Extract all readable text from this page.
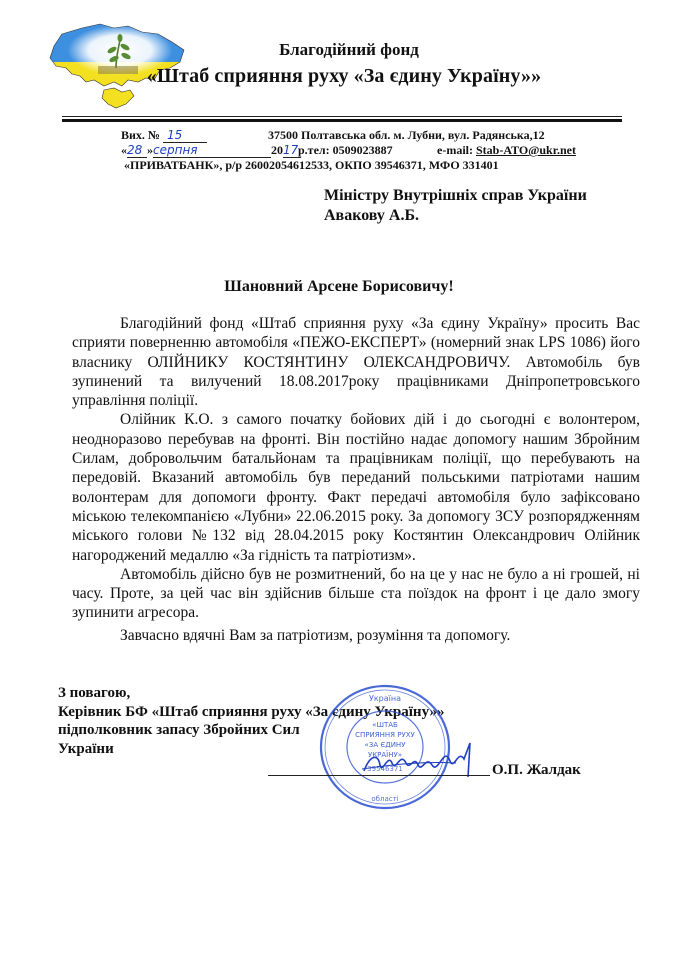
Благодійний фонд
«Штаб сприяння руху «За єдину Україну»»
Вих. № 15	37500 Полтавська обл. м. Лубни, вул. Радянська,12
«28 »серпня	2017 р.тел: 0509023887	e-mail: Stab-ATO@ukr.net
«ПРИВАТБАНК», р/р 26002054612533, ОКПО 39546371, МФО 331401
Міністру Внутрішніх справ України
Авакову А.Б.
Шановний Арсене Борисовичу!

Благодійний фонд «Штаб сприяння руху «За єдину Україну» просить Вас сприяти поверненню автомобіля «ПЕЖО-ЕКСПЕРТ» (номерний знак LPS 1086) його власнику ОЛІЙНИКУ КОСТЯНТИНУ ОЛЕКСАНДРОВИЧУ. Автомобіль був зупинений та вилучений 18.08.2017року працівниками Дніпропетровського управління поліції.

Олійник К.О. з самого початку бойових дій і до сьогодні є волонтером, неодноразово перебував на фронті. Він постійно надає допомогу нашим Збройним Силам, добровольчим батальйонам та працівникам поліції, що перебувають на передовій. Вказаний автомобіль був переданий польськими патріотами нашим волонтерам для допомоги фронту. Факт передачі автомобіля було зафіксовано міською телекомпанією «Лубни» 22.06.2015 року. За допомогу ЗСУ розпорядженням міського голови №132 від 28.04.2015 року Костянтин Олександрович Олійник нагороджений медаллю «За гідність та патріотизм».

Автомобіль дійсно був не розмитнений, бо на це у нас не було а ні грошей, ні часу. Проте, за цей час він здійснив більше ста поїздок на фронт і це дало змогу зупинити агресора.

Завчасно вдячні Вам за патріотизм, розуміння та допомогу.
З повагою,
Керівник БФ «Штаб сприяння руху «За єдину Україну»»
підполковник запасу Збройних Сил
України
Україна
«ШТАБ
СПРИЯННЯ РУХУ
«ЗА ЄДИНУ
УКРАЇНУ»
39546371
області
О.П. Жалдак
